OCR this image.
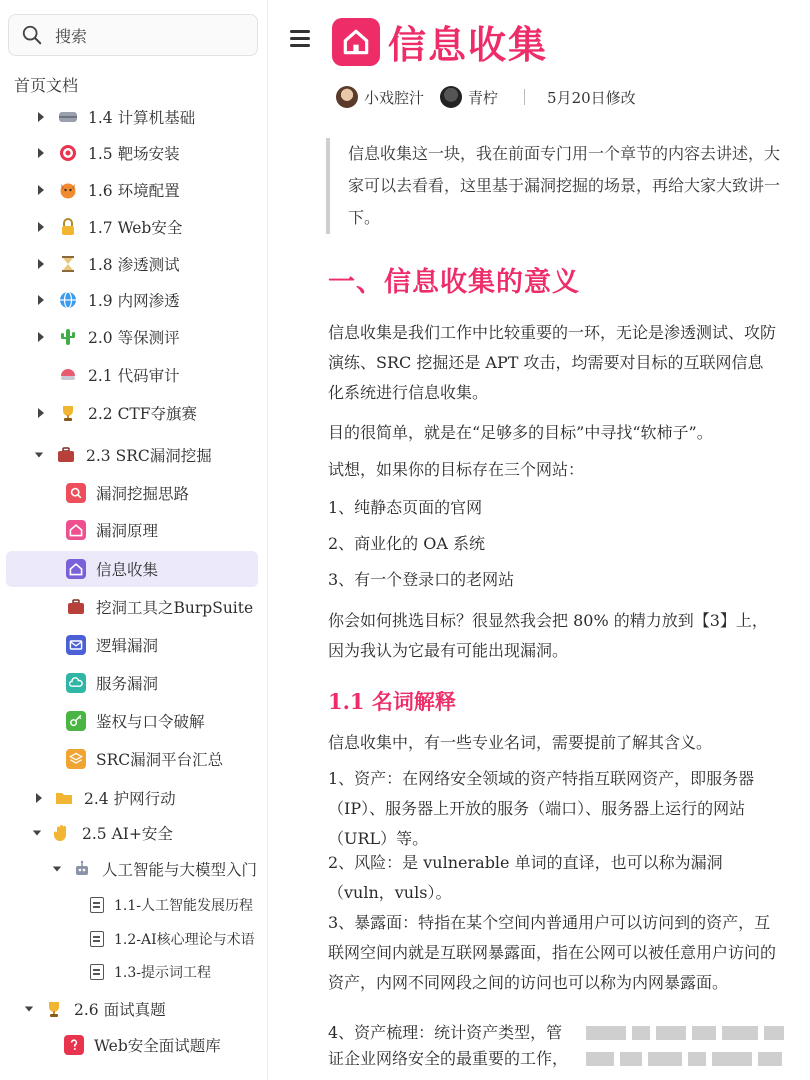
搜索
首页文档
1.4 计算机基础
1.5 靶场安装
1.6 环境配置
1.7 Web安全
1.8 渗透测试
1.9 内网渗透
2.0 等保测评
2.1 代码审计
2.2 CTF夺旗赛
2.3 SRC漏洞挖掘
漏洞挖掘思路
漏洞原理
信息收集
挖洞工具之BurpSuite
逻辑漏洞
服务漏洞
鉴权与口令破解
SRC漏洞平台汇总
2.4 护网行动
2.5 AI+安全
人工智能与大模型入门
1.1-人工智能发展历程
1.2-AI核心理论与术语
1.3-提示词工程
2.6 面试真题
Web安全面试题库
信息收集
小戏腔汁	青柠	5月20日修改
信息收集这一块，我在前面专门用一个章节的内容去讲述，大家可以去看看，这里基于漏洞挖掘的场景，再给大家大致讲一下。
一、信息收集的意义
信息收集是我们工作中比较重要的一环，无论是渗透测试、攻防演练、SRC 挖掘还是 APT 攻击，均需要对目标的互联网信息化系统进行信息收集。
目的很简单，就是在“足够多的目标”中寻找“软柿子”。
试想，如果你的目标存在三个网站：
1、纯静态页面的官网
2、商业化的 OA 系统
3、有一个登录口的老网站
你会如何挑选目标？很显然我会把 80% 的精力放到【3】上，因为我认为它最有可能出现漏洞。
1.1 名词解释
信息收集中，有一些专业名词，需要提前了解其含义。
1、资产：在网络安全领域的资产特指互联网资产，即服务器（IP）、服务器上开放的服务（端口）、服务器上运行的网站（URL）等。
2、风险：是 vulnerable 单词的直译，也可以称为漏洞（vuln，vuls）。
3、暴露面：特指在某个空间内普通用户可以访问到的资产，互联网空间内就是互联网暴露面，指在公网可以被任意用户访问的资产，内网不同网段之间的访问也可以称为内网暴露面。
4、资产梳理：统计资产类型，管
证企业网络安全的最重要的工作，
